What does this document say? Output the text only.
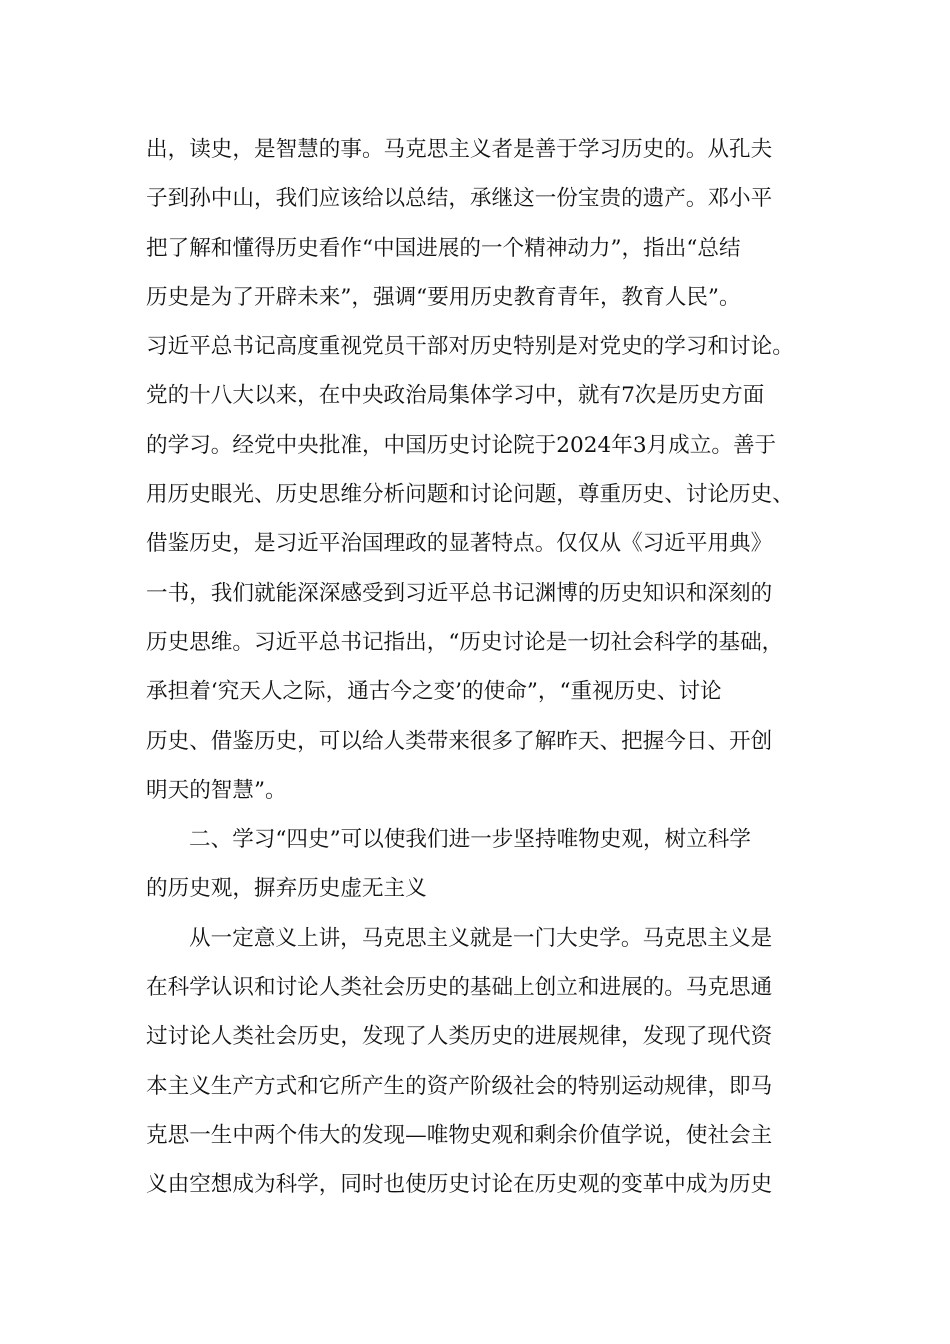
出，读史，是智慧的事。马克思主义者是善于学习历史的。从孔夫
子到孙中山，我们应该给以总结，承继这一份宝贵的遗产。邓小平
把了解和懂得历史看作“中国进展的一个精神动力”，指出“总结
历史是为了开辟未来”，强调“要用历史教育青年，教育人民”。
习近平总书记高度重视党员干部对历史特别是对党史的学习和讨论。
党的十八大以来，在中央政治局集体学习中，就有7次是历史方面
的学习。经党中央批准，中国历史讨论院于2024年3月成立。善于
用历史眼光、历史思维分析问题和讨论问题，尊重历史、讨论历史、
借鉴历史，是习近平治国理政的显著特点。仅仅从《习近平用典》
一书，我们就能深深感受到习近平总书记渊博的历史知识和深刻的
历史思维。习近平总书记指出，“历史讨论是一切社会科学的基础，
承担着‘究天人之际，通古今之变’的使命”，“重视历史、讨论
历史、借鉴历史，可以给人类带来很多了解昨天、把握今日、开创
明天的智慧”。
二、学习“四史”可以使我们进一步坚持唯物史观，树立科学
的历史观，摒弃历史虚无主义
从一定意义上讲，马克思主义就是一门大史学。马克思主义是
在科学认识和讨论人类社会历史的基础上创立和进展的。马克思通
过讨论人类社会历史，发现了人类历史的进展规律，发现了现代资
本主义生产方式和它所产生的资产阶级社会的特别运动规律，即马
克思一生中两个伟大的发现—唯物史观和剩余价值学说，使社会主
义由空想成为科学，同时也使历史讨论在历史观的变革中成为历史
